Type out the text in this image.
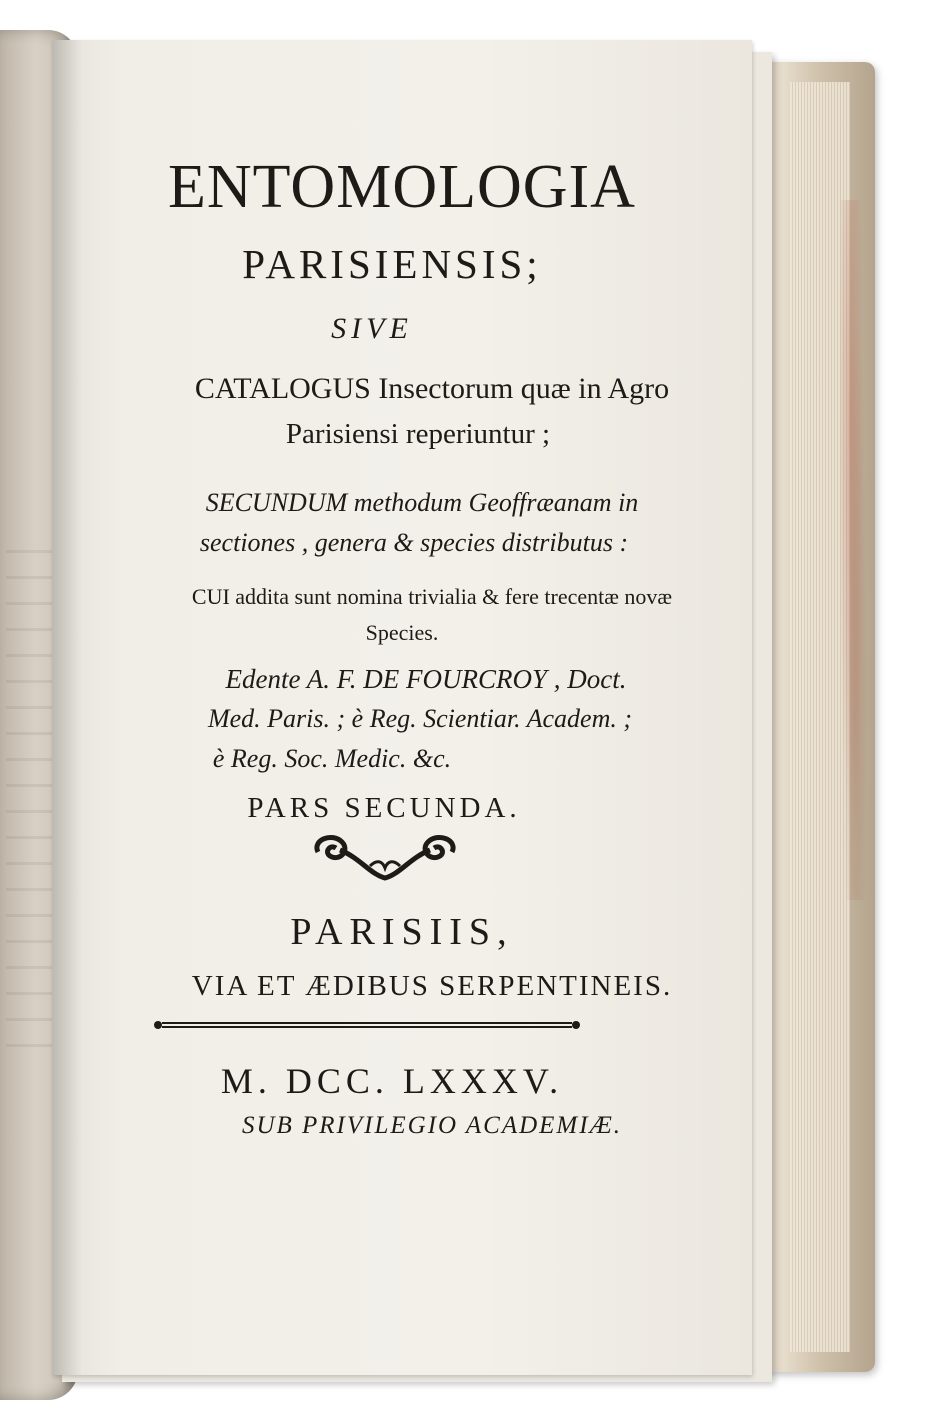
ENTOMOLOGIA
PARISIENSIS;
SIVE
CATALOGUS Insectorum quæ in Agro
Parisiensi reperiuntur ;
SECUNDUM methodum Geoffræanam in
sectiones , genera & species distributus :
CUI addita sunt nomina trivialia & fere trecentæ novæ
Species.
Edente A. F. DE FOURCROY , Doct.
Med. Paris. ; è Reg. Scientiar. Academ. ;
è Reg. Soc. Medic. &c.
PARS SECUNDA.
PARISIIS,
VIA ET ÆDIBUS SERPENTINEIS.
M. DCC. LXXXV.
SUB PRIVILEGIO ACADEMIÆ.
